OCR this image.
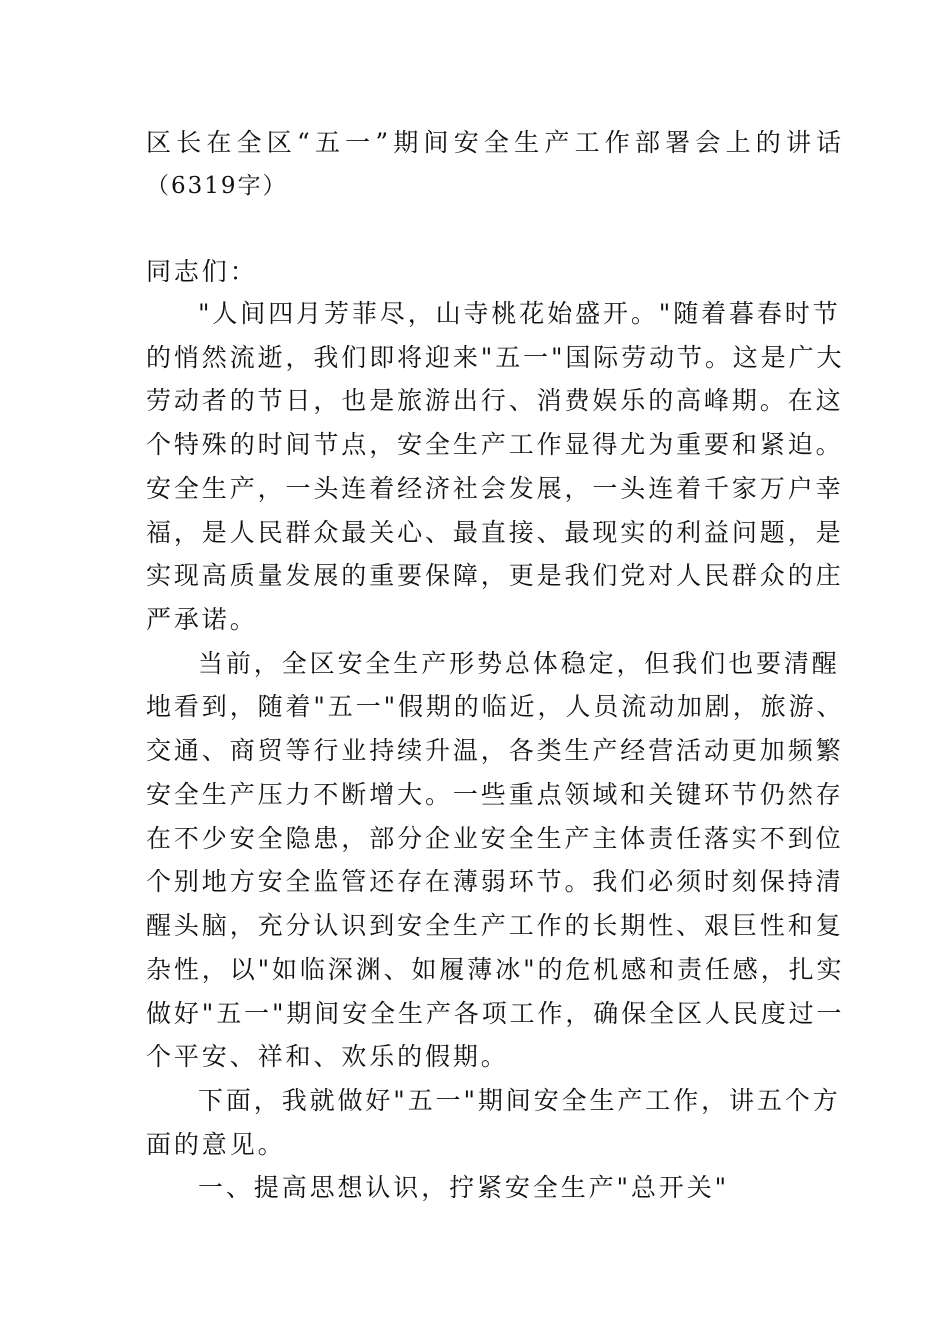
区长在全区“五一”期间安全生产工作部署会上的讲话
（6319字）
同志们：
"人间四月芳菲尽，山寺桃花始盛开。"随着暮春时节
的悄然流逝，我们即将迎来"五一"国际劳动节。这是广大
劳动者的节日，也是旅游出行、消费娱乐的高峰期。在这
个特殊的时间节点，安全生产工作显得尤为重要和紧迫。
安全生产，一头连着经济社会发展，一头连着千家万户幸
福，是人民群众最关心、最直接、最现实的利益问题，是
实现高质量发展的重要保障，更是我们党对人民群众的庄
严承诺。
当前，全区安全生产形势总体稳定，但我们也要清醒
地看到，随着"五一"假期的临近，人员流动加剧，旅游、
交通、商贸等行业持续升温，各类生产经营活动更加频繁
安全生产压力不断增大。一些重点领域和关键环节仍然存
在不少安全隐患，部分企业安全生产主体责任落实不到位
个别地方安全监管还存在薄弱环节。我们必须时刻保持清
醒头脑，充分认识到安全生产工作的长期性、艰巨性和复
杂性，以"如临深渊、如履薄冰"的危机感和责任感，扎实
做好"五一"期间安全生产各项工作，确保全区人民度过一
个平安、祥和、欢乐的假期。
下面，我就做好"五一"期间安全生产工作，讲五个方
面的意见。
一、提高思想认识，拧紧安全生产"总开关"
